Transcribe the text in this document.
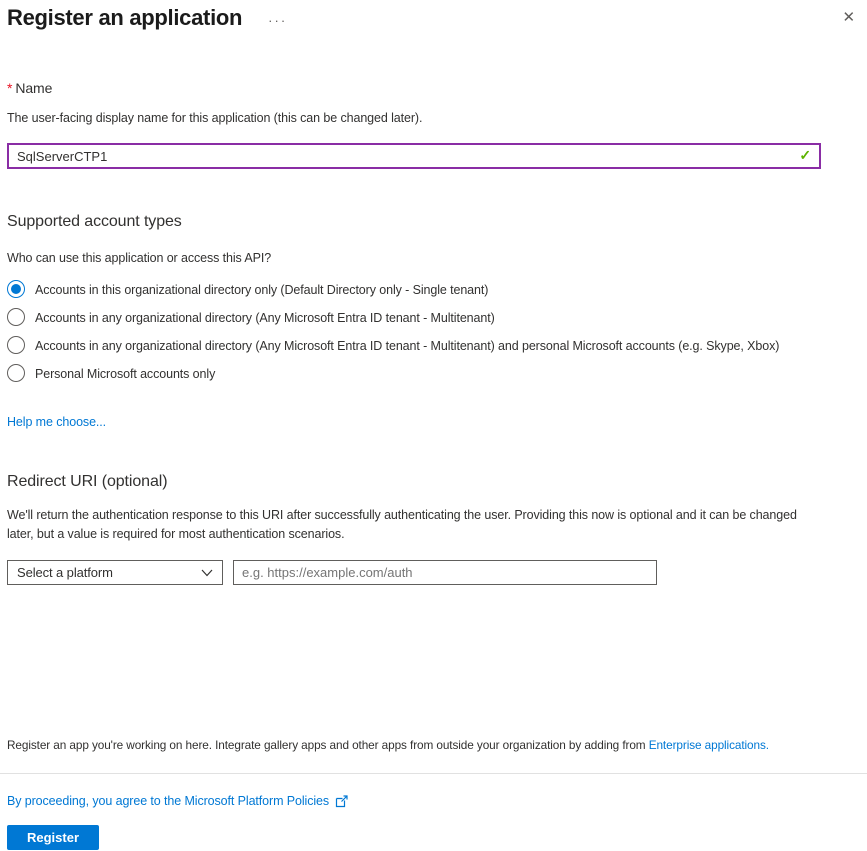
Register an application ···	✕
* Name
The user-facing display name for this application (this can be changed later).
SqlServerCTP1
✓
Supported account types
Who can use this application or access this API?
Accounts in this organizational directory only (Default Directory only - Single tenant)
Accounts in any organizational directory (Any Microsoft Entra ID tenant - Multitenant)
Accounts in any organizational directory (Any Microsoft Entra ID tenant - Multitenant) and personal Microsoft accounts (e.g. Skype, Xbox)
Personal Microsoft accounts only
Help me choose...
Redirect URI (optional)
We'll return the authentication response to this URI after successfully authenticating the user. Providing this now is optional and it can be changed later, but a value is required for most authentication scenarios.
Select a platform
e.g. https://example.com/auth
Register an app you're working on here. Integrate gallery apps and other apps from outside your organization by adding from Enterprise applications.
By proceeding, you agree to the Microsoft Platform Policies
Register
